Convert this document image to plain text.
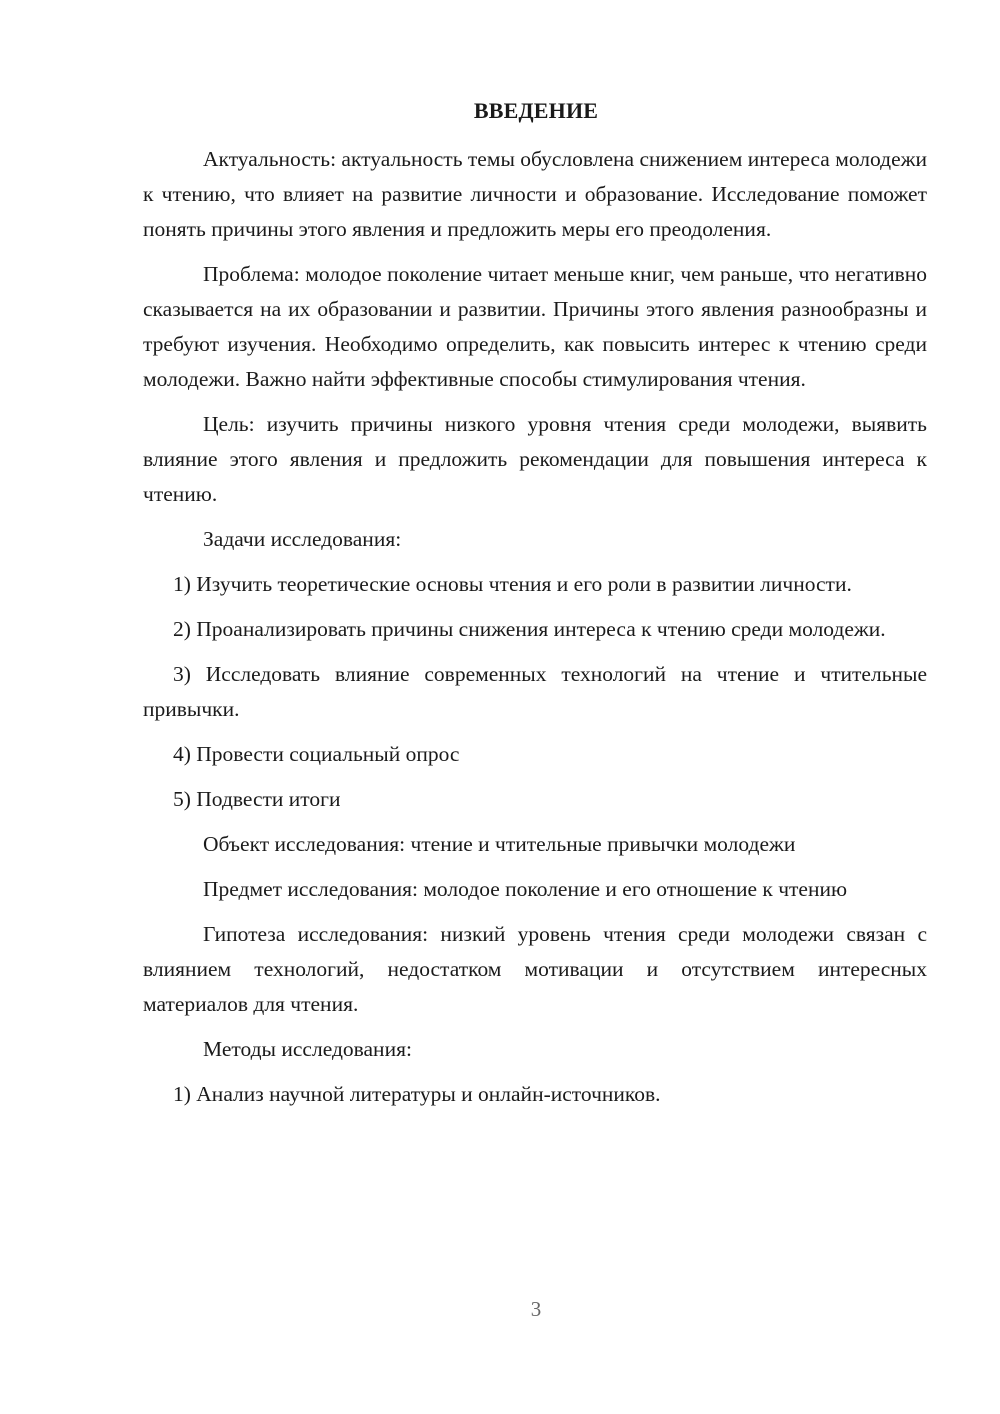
ВВЕДЕНИЕ

Актуальность: актуальность темы обусловлена снижением интереса молодежи к чтению, что влияет на развитие личности и образование. Исследование поможет понять причины этого явления и предложить меры его преодоления.

Проблема: молодое поколение читает меньше книг, чем раньше, что негативно сказывается на их образовании и развитии. Причины этого явления разнообразны и требуют изучения. Необходимо определить, как повысить интерес к чтению среди молодежи. Важно найти эффективные способы стимулирования чтения.

Цель: изучить причины низкого уровня чтения среди молодежи, выявить влияние этого явления и предложить рекомендации для повышения интереса к чтению.

Задачи исследования:

1) Изучить теоретические основы чтения и его роли в развитии личности.

2) Проанализировать причины снижения интереса к чтению среди молодежи.

3) Исследовать влияние современных технологий на чтение и чтительные привычки.

4) Провести социальный опрос

5) Подвести итоги

Объект исследования: чтение и чтительные привычки молодежи

Предмет исследования: молодое поколение и его отношение к чтению

Гипотеза исследования: низкий уровень чтения среди молодежи связан с влиянием технологий, недостатком мотивации и отсутствием интересных материалов для чтения.

Методы исследования:

1) Анализ научной литературы и онлайн-источников.

3
